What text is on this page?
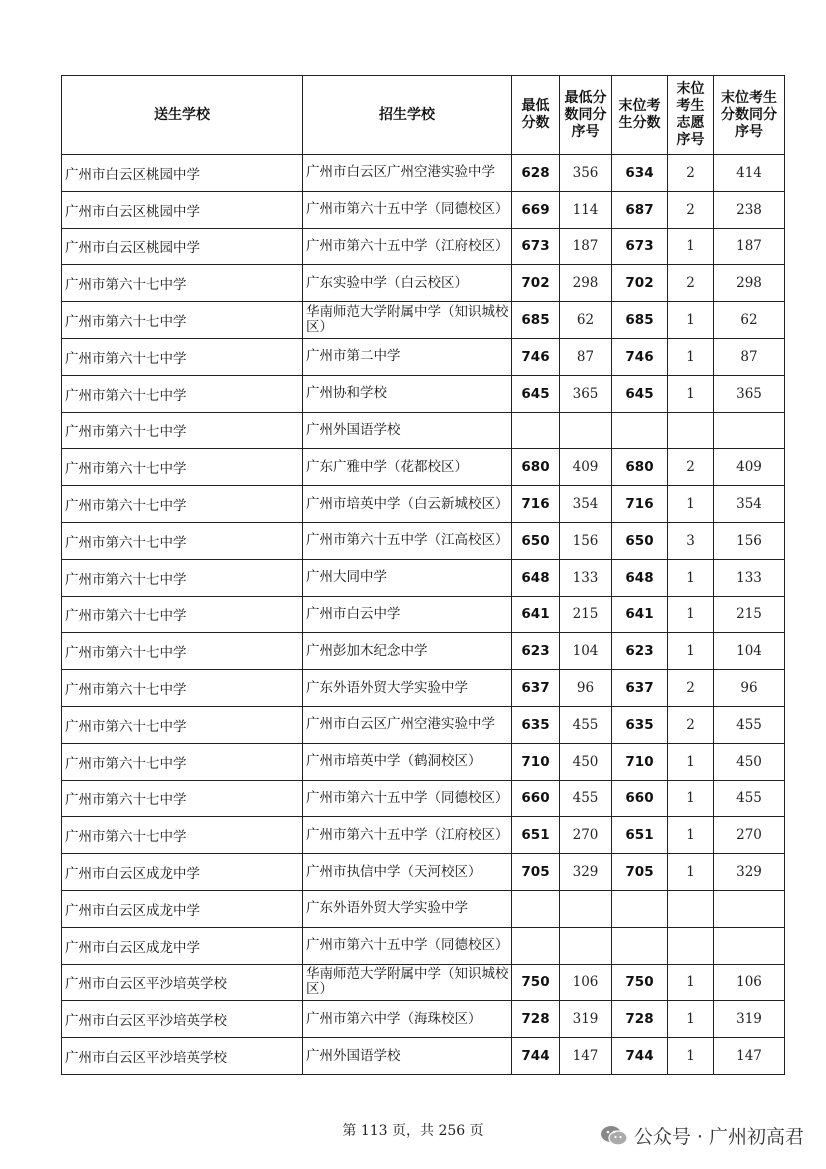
送生学校	招生学校	最低分数	最低分数同分序号	末位考生分数	末位考生志愿序号	末位考生分数同分序号
广州市白云区桃园中学	广州市白云区广州空港实验中学	628	356	634	2	414
广州市白云区桃园中学	广州市第六十五中学（同德校区）	669	114	687	2	238
广州市白云区桃园中学	广州市第六十五中学（江府校区）	673	187	673	1	187
广州市第六十七中学	广东实验中学（白云校区）	702	298	702	2	298
广州市第六十七中学	华南师范大学附属中学（知识城校区）	685	62	685	1	62
广州市第六十七中学	广州市第二中学	746	87	746	1	87
广州市第六十七中学	广州协和学校	645	365	645	1	365
广州市第六十七中学	广州外国语学校					
广州市第六十七中学	广东广雅中学（花都校区）	680	409	680	2	409
广州市第六十七中学	广州市培英中学（白云新城校区）	716	354	716	1	354
广州市第六十七中学	广州市第六十五中学（江高校区）	650	156	650	3	156
广州市第六十七中学	广州大同中学	648	133	648	1	133
广州市第六十七中学	广州市白云中学	641	215	641	1	215
广州市第六十七中学	广州彭加木纪念中学	623	104	623	1	104
广州市第六十七中学	广东外语外贸大学实验中学	637	96	637	2	96
广州市第六十七中学	广州市白云区广州空港实验中学	635	455	635	2	455
广州市第六十七中学	广州市培英中学（鹤洞校区）	710	450	710	1	450
广州市第六十七中学	广州市第六十五中学（同德校区）	660	455	660	1	455
广州市第六十七中学	广州市第六十五中学（江府校区）	651	270	651	1	270
广州市白云区成龙中学	广州市执信中学（天河校区）	705	329	705	1	329
广州市白云区成龙中学	广东外语外贸大学实验中学					
广州市白云区成龙中学	广州市第六十五中学（同德校区）					
广州市白云区平沙培英学校	华南师范大学附属中学（知识城校区）	750	106	750	1	106
广州市白云区平沙培英学校	广州市第六中学（海珠校区）	728	319	728	1	319
广州市白云区平沙培英学校	广州外国语学校	744	147	744	1	147
第 113 页，共 256 页	公众号 · 广州初高君
